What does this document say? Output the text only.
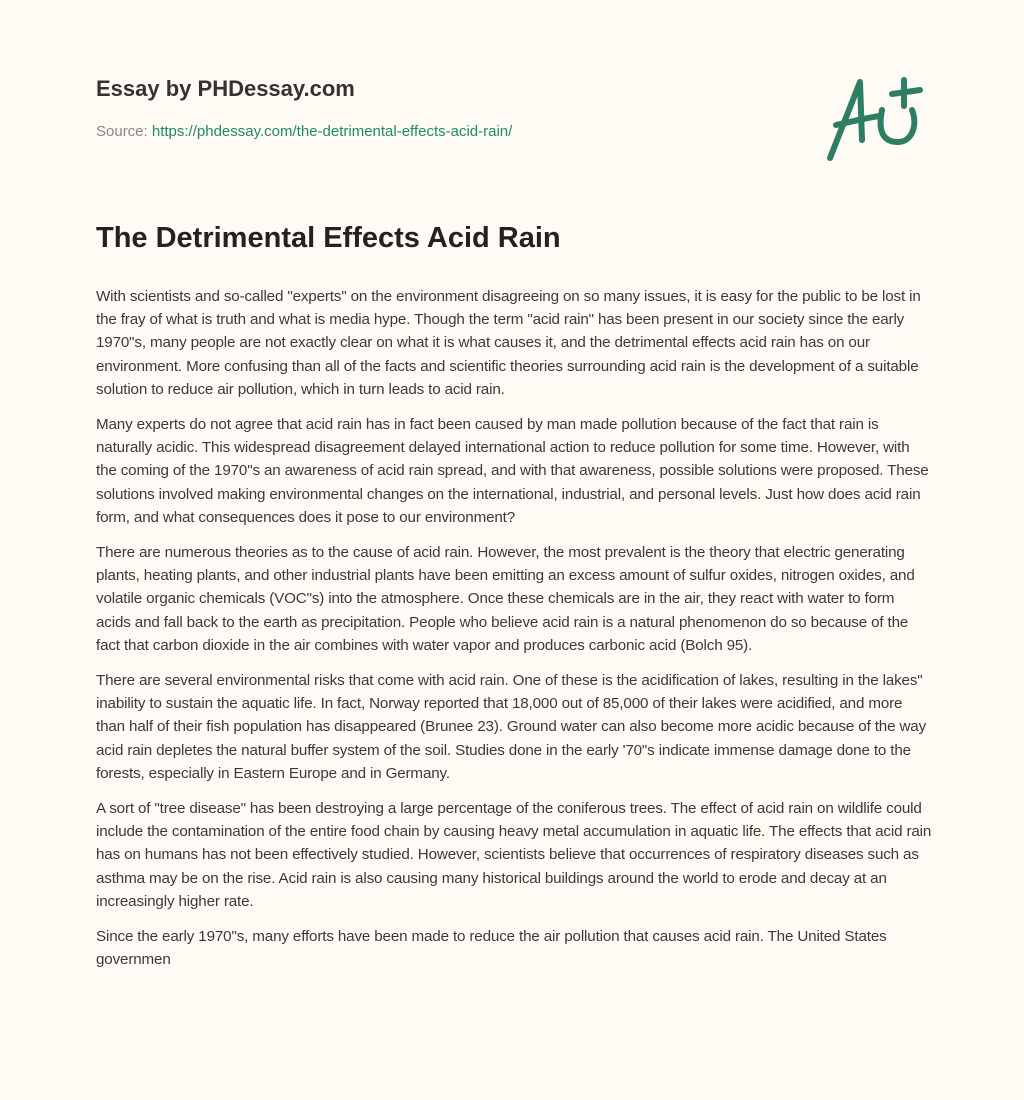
Essay by PHDessay.com
Source: https://phdessay.com/the-detrimental-effects-acid-rain/
The Detrimental Effects Acid Rain

With scientists and so-called "experts" on the environment disagreeing on so many issues, it is easy for the public to be lost in the fray of what is truth and what is media hype. Though the term "acid rain" has been present in our society since the early 1970"s, many people are not exactly clear on what it is what causes it, and the detrimental effects acid rain has on our environment. More confusing than all of the facts and scientific theories surrounding acid rain is the development of a suitable solution to reduce air pollution, which in turn leads to acid rain.

Many experts do not agree that acid rain has in fact been caused by man made pollution because of the fact that rain is naturally acidic. This widespread disagreement delayed international action to reduce pollution for some time. However, with the coming of the 1970"s an awareness of acid rain spread, and with that awareness, possible solutions were proposed. These solutions involved making environmental changes on the international, industrial, and personal levels. Just how does acid rain form, and what consequences does it pose to our environment?

There are numerous theories as to the cause of acid rain. However, the most prevalent is the theory that electric generating plants, heating plants, and other industrial plants have been emitting an excess amount of sulfur oxides, nitrogen oxides, and volatile organic chemicals (VOC"s) into the atmosphere. Once these chemicals are in the air, they react with water to form acids and fall back to the earth as precipitation. People who believe acid rain is a natural phenomenon do so because of the fact that carbon dioxide in the air combines with water vapor and produces carbonic acid (Bolch 95).

There are several environmental risks that come with acid rain. One of these is the acidification of lakes, resulting in the lakes" inability to sustain the aquatic life. In fact, Norway reported that 18,000 out of 85,000 of their lakes were acidified, and more than half of their fish population has disappeared (Brunee 23). Ground water can also become more acidic because of the way acid rain depletes the natural buffer system of the soil. Studies done in the early '70"s indicate immense damage done to the forests, especially in Eastern Europe and in Germany.

A sort of "tree disease" has been destroying a large percentage of the coniferous trees. The effect of acid rain on wildlife could include the contamination of the entire food chain by causing heavy metal accumulation in aquatic life. The effects that acid rain has on humans has not been effectively studied. However, scientists believe that occurrences of respiratory diseases such as asthma may be on the rise. Acid rain is also causing many historical buildings around the world to erode and decay at an increasingly higher rate.

Since the early 1970"s, many efforts have been made to reduce the air pollution that causes acid rain. The United States governmen
